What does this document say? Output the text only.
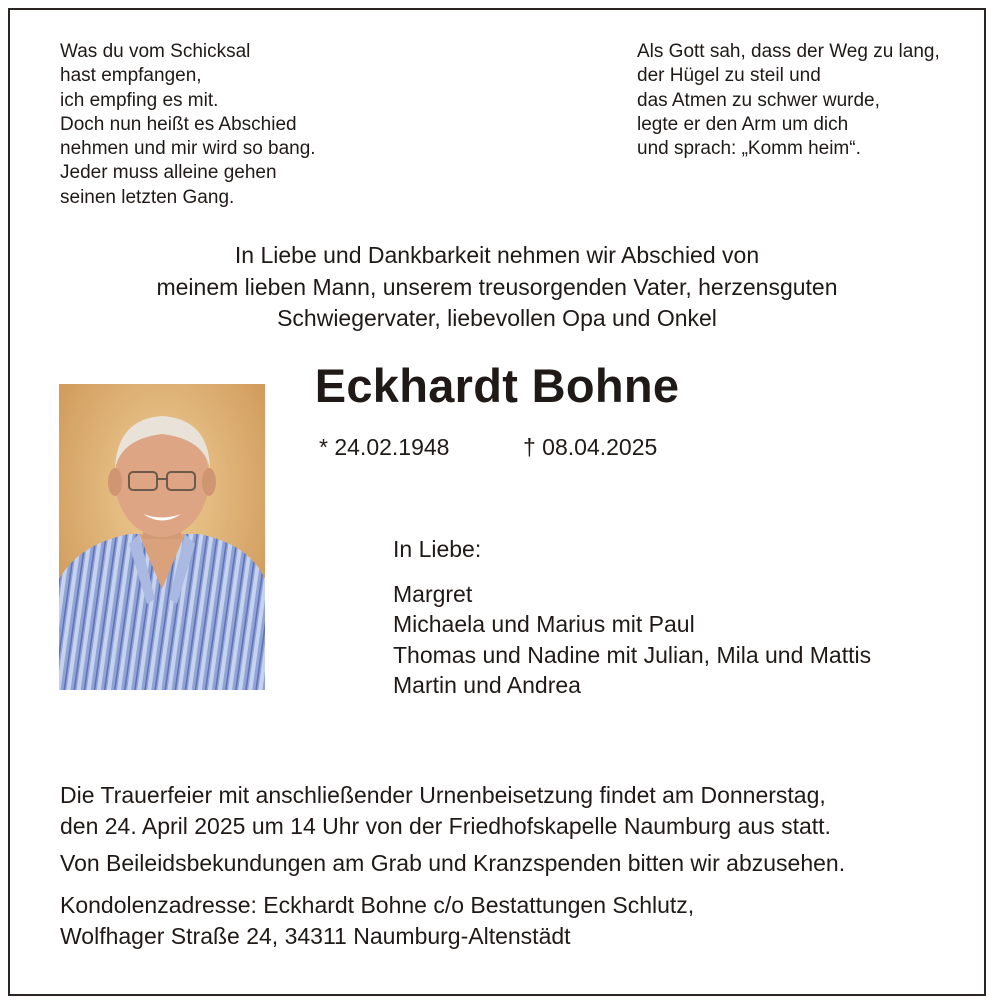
Was du vom Schicksal
hast empfangen,
ich empfing es mit.
Doch nun heißt es Abschied
nehmen und mir wird so bang.
Jeder muss alleine gehen
seinen letzten Gang.
Als Gott sah, dass der Weg zu lang,
der Hügel zu steil und
das Atmen zu schwer wurde,
legte er den Arm um dich
und sprach: „Komm heim“.
In Liebe und Dankbarkeit nehmen wir Abschied von
meinem lieben Mann, unserem treusorgenden Vater, herzensguten
Schwiegervater, liebevollen Opa und Onkel
Eckhardt Bohne
* 24.02.1948	† 08.04.2025
In Liebe:
Margret
Michaela und Marius mit Paul
Thomas und Nadine mit Julian, Mila und Mattis
Martin und Andrea
Die Trauerfeier mit anschließender Urnenbeisetzung findet am Donnerstag,
den 24. April 2025 um 14 Uhr von der Friedhofskapelle Naumburg aus statt.
Von Beileidsbekundungen am Grab und Kranzspenden bitten wir abzusehen.
Kondolenzadresse: Eckhardt Bohne c/o Bestattungen Schlutz,
Wolfhager Straße 24, 34311 Naumburg-Altenstädt
